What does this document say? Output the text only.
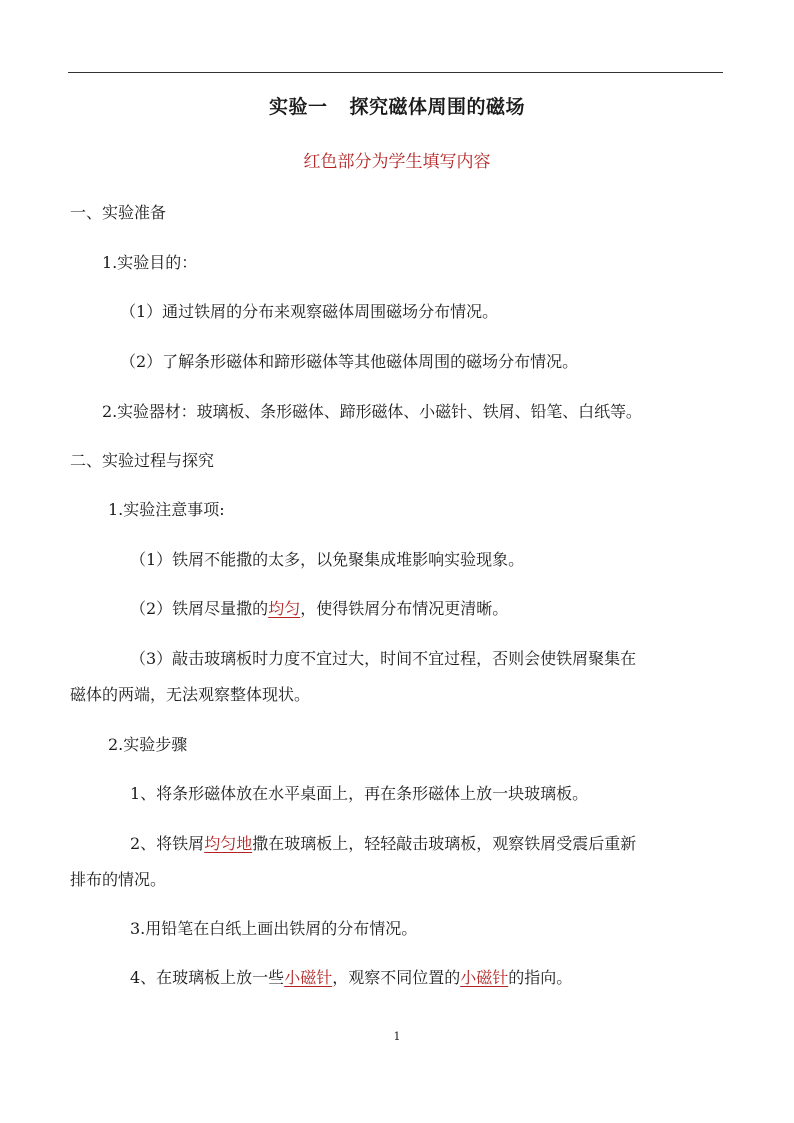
实验一 探究磁体周围的磁场
红色部分为学生填写内容
一、实验准备
1.实验目的：
（1）通过铁屑的分布来观察磁体周围磁场分布情况。
（2）了解条形磁体和蹄形磁体等其他磁体周围的磁场分布情况。
2.实验器材：玻璃板、条形磁体、蹄形磁体、小磁针、铁屑、铅笔、白纸等。
二、实验过程与探究
1.实验注意事项:
（1）铁屑不能撒的太多，以免聚集成堆影响实验现象。
（2）铁屑尽量撒的均匀，使得铁屑分布情况更清晰。
（3）敲击玻璃板时力度不宜过大，时间不宜过程，否则会使铁屑聚集在
磁体的两端，无法观察整体现状。
2.实验步骤
1、将条形磁体放在水平桌面上，再在条形磁体上放一块玻璃板。
2、将铁屑均匀地撒在玻璃板上，轻轻敲击玻璃板，观察铁屑受震后重新
排布的情况。
3.用铅笔在白纸上画出铁屑的分布情况。
4、在玻璃板上放一些小磁针，观察不同位置的小磁针的指向。
1
